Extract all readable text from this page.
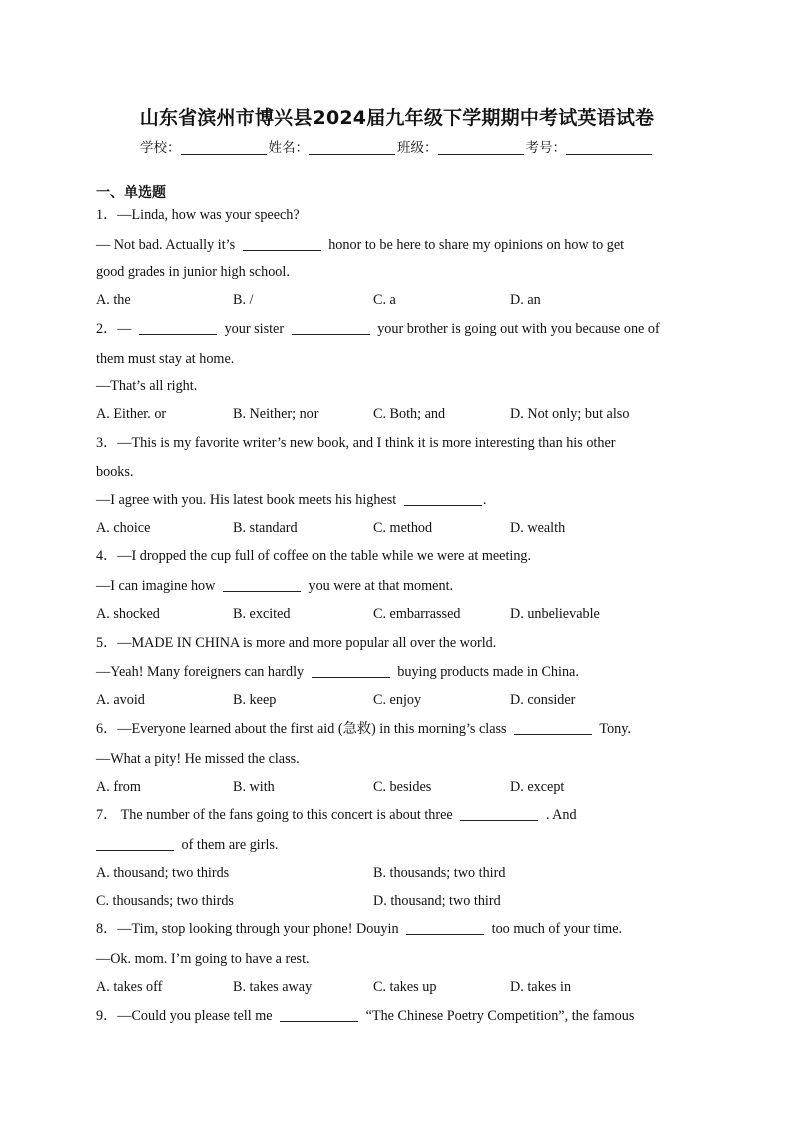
山东省滨州市博兴县2024届九年级下学期期中考试英语试卷
学校：	姓名：	班级：	考号：
一、单选题
1．—Linda, how was your speech?
— Not bad. Actually it’s	honor to be here to share my opinions on how to get
good grades in junior high school.
A. the	B. /	C. a	D. an
2．—	your sister	your brother is going out with you because one of
them must stay at home.
—That’s all right.
A. Either. or	B. Neither; nor	C. Both; and	D. Not only; but also
3．—This is my favorite writer’s new book, and I think it is more interesting than his other
books.
—I agree with you. His latest book meets his highest	.
A. choice	B. standard	C. method	D. wealth
4．—I dropped the cup full of coffee on the table while we were at meeting.
—I can imagine how	you were at that moment.
A. shocked	B. excited	C. embarrassed	D. unbelievable
5．—MADE IN CHINA is more and more popular all over the world.
—Yeah! Many foreigners can hardly	buying products made in China.
A. avoid	B. keep	C. enjoy	D. consider
6．—Everyone learned about the first aid (急救) in this morning’s class	Tony.
—What a pity! He missed the class.
A. from	B. with	C. besides	D. except
7． The number of the fans going to this concert is about three	. And
of them are girls.
A. thousand; two thirds	B. thousands; two third
C. thousands; two thirds	D. thousand; two third
8．—Tim, stop looking through your phone! Douyin	too much of your time.
—Ok. mom. I’m going to have a rest.
A. takes off	B. takes away	C. takes up	D. takes in
9．—Could you please tell me	“The Chinese Poetry Competition”, the famous
